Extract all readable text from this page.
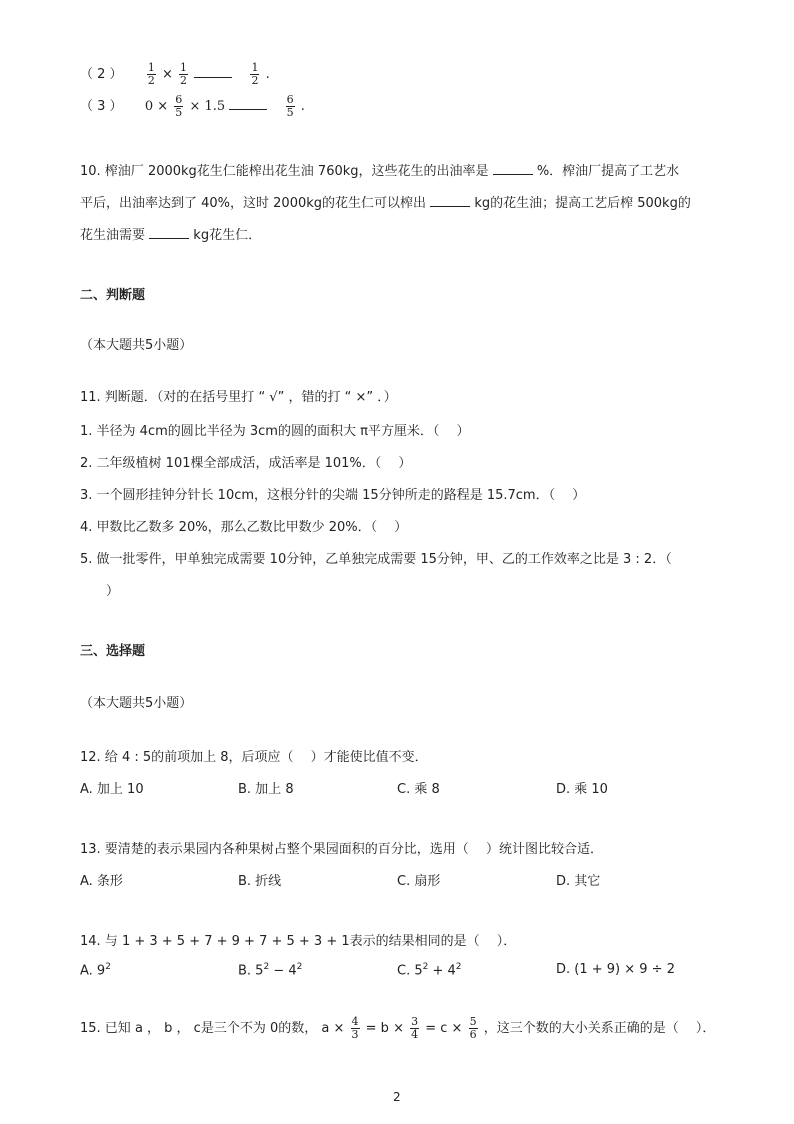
（ 2 ） $\frac{1}{2} \times \frac{1}{2}$
	$\frac{1}{2}$ .
（ 3 ） $0 \times \frac{6}{5} \times 1.5$	$\frac{6}{5}$ .
10. 榨油厂 2000kg花生仁能榨出花生油 760kg，这些花生的出油率是	%．榨油厂提高了工艺水
平后，出油率达到了 40%，这时 2000kg的花生仁可以榨出	kg的花生油；提高工艺后榨 500kg的
花生油需要	kg花生仁．
二、判断题
（本大题共5小题）
11. 判断题．（对的在括号里打 “ √” ，错的打 “ ×” ．）
1. 半径为 4cm的圆比半径为 3cm的圆的面积大 π平方厘米．（　 ）
2. 二年级植树 101棵全部成活，成活率是 101%．（　 ）
3. 一个圆形挂钟分针长 10cm，这根分针的尖端 15分钟所走的路程是 15.7cm．（　 ）
4. 甲数比乙数多 20%，那么乙数比甲数少 20%．（　 ）
5. 做一批零件，甲单独完成需要 10分钟，乙单独完成需要 15分钟，甲、乙的工作效率之比是 3 : 2．（
）
三、选择题
（本大题共5小题）
12. 给 4 : 5的前项加上 8，后项应（　 ）才能使比值不变．
A. 加上 10	B. 加上 8	C. 乘 8	D. 乘 10
13. 要清楚的表示果园内各种果树占整个果园面积的百分比，选用（　 ）统计图比较合适．
A. 条形	B. 折线	C. 扇形	D. 其它
14. 与 1 + 3 + 5 + 7 + 9 + 7 + 5 + 3 + 1表示的结果相同的是（　 ）．
A. $9^2$	B. $5^2 - 4^2$	C. $5^2 + 4^2$	D. (1 + 9) × 9 ÷ 2
15. 已知 a ， b ， c是三个不为 0的数， $a \times \frac{4}{3} = b \times \frac{3}{4} = c \times \frac{5}{6}$ ，这三个数的大小关系正确的是（　 ）．
2
